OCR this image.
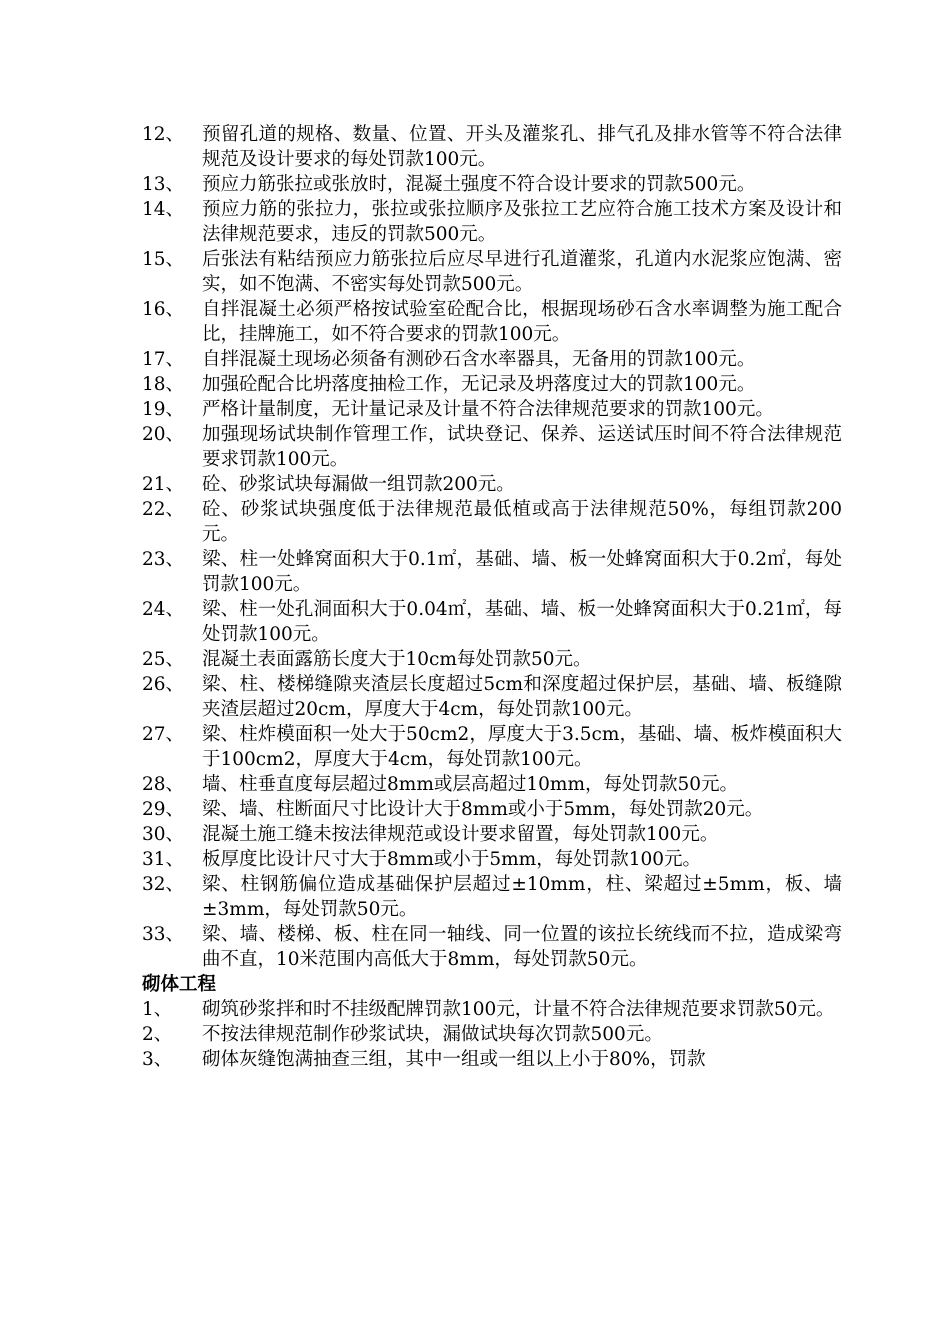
12、 预留孔道的规格、数量、位置、开头及灌浆孔、排气孔及排水管等不符合法律规范及设计要求的每处罚款100元。
13、 预应力筋张拉或张放时，混凝土强度不符合设计要求的罚款500元。
14、 预应力筋的张拉力，张拉或张拉顺序及张拉工艺应符合施工技术方案及设计和法律规范要求，违反的罚款500元。
15、 后张法有粘结预应力筋张拉后应尽早进行孔道灌浆，孔道内水泥浆应饱满、密实，如不饱满、不密实每处罚款500元。
16、 自拌混凝土必须严格按试验室砼配合比，根据现场砂石含水率调整为施工配合比，挂牌施工，如不符合要求的罚款100元。
17、 自拌混凝土现场必须备有测砂石含水率器具，无备用的罚款100元。
18、 加强砼配合比坍落度抽检工作，无记录及坍落度过大的罚款100元。
19、 严格计量制度，无计量记录及计量不符合法律规范要求的罚款100元。
20、 加强现场试块制作管理工作，试块登记、保养、运送试压时间不符合法律规范要求罚款100元。
21、 砼、砂浆试块每漏做一组罚款200元。
22、 砼、砂浆试块强度低于法律规范最低植或高于法律规范50%，每组罚款200元。
23、 梁、柱一处蜂窝面积大于0.1㎡，基础、墙、板一处蜂窝面积大于0.2㎡，每处罚款100元。
24、 梁、柱一处孔洞面积大于0.04㎡，基础、墙、板一处蜂窝面积大于0.21㎡，每处罚款100元。
25、 混凝土表面露筋长度大于10cm每处罚款50元。
26、 梁、柱、楼梯缝隙夹渣层长度超过5cm和深度超过保护层，基础、墙、板缝隙夹渣层超过20cm，厚度大于4cm，每处罚款100元。
27、 梁、柱炸模面积一处大于50cm2，厚度大于3.5cm，基础、墙、板炸模面积大于100cm2，厚度大于4cm，每处罚款100元。
28、 墙、柱垂直度每层超过8mm或层高超过10mm，每处罚款50元。
29、 梁、墙、柱断面尺寸比设计大于8mm或小于5mm，每处罚款20元。
30、 混凝土施工缝未按法律规范或设计要求留置，每处罚款100元。
31、 板厚度比设计尺寸大于8mm或小于5mm，每处罚款100元。
32、 梁、柱钢筋偏位造成基础保护层超过±10mm，柱、梁超过±5mm，板、墙±3mm，每处罚款50元。
33、 梁、墙、楼梯、板、柱在同一轴线、同一位置的该拉长统线而不拉，造成梁弯曲不直，10米范围内高低大于8mm，每处罚款50元。
砌体工程
1、	砌筑砂浆拌和时不挂级配牌罚款100元，计量不符合法律规范要求罚款50元。
2、	不按法律规范制作砂浆试块，漏做试块每次罚款500元。
3、	砌体灰缝饱满抽查三组，其中一组或一组以上小于80%，罚款
